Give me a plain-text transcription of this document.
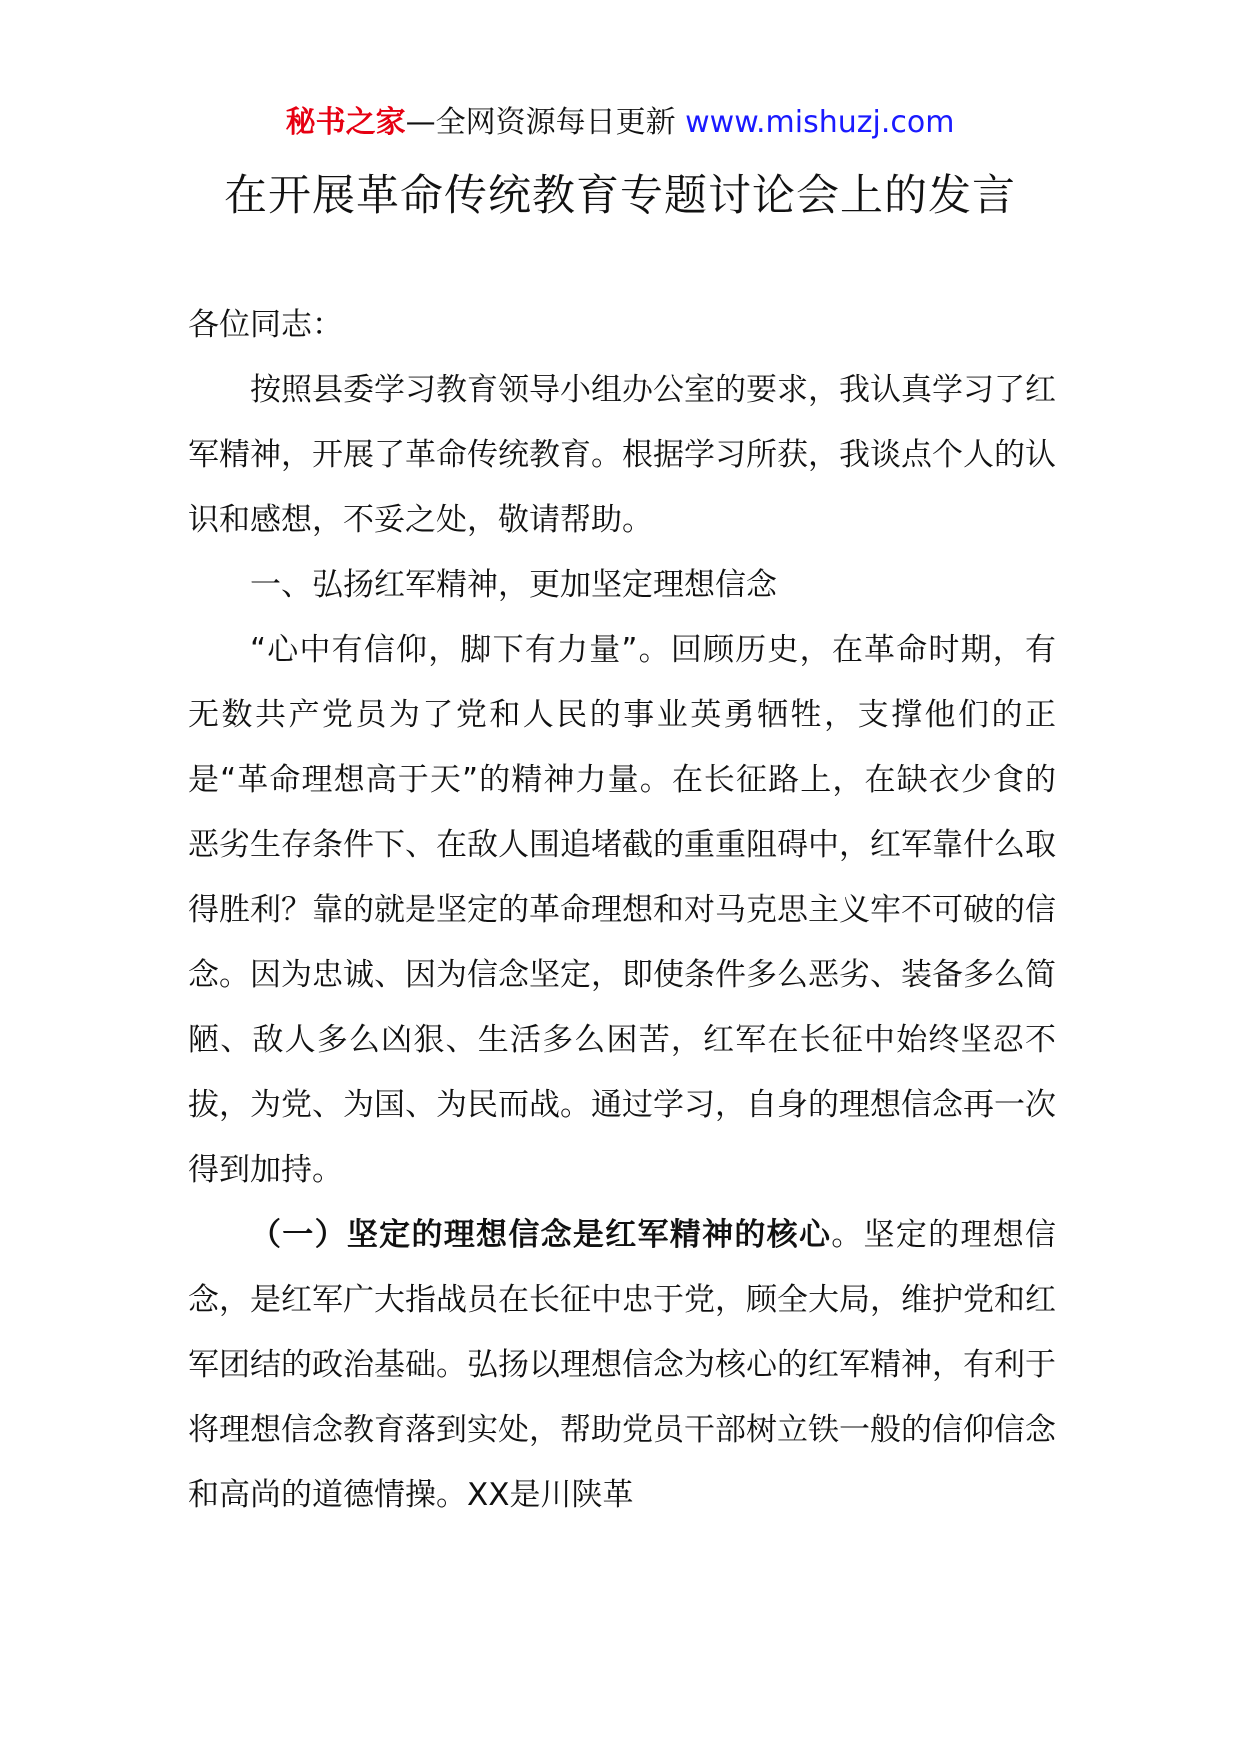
秘书之家—全网资源每日更新 www.mishuzj.com
在开展革命传统教育专题讨论会上的发言

各位同志：

按照县委学习教育领导小组办公室的要求，我认真学习了红军精神，开展了革命传统教育。根据学习所获，我谈点个人的认识和感想，不妥之处，敬请帮助。

一、弘扬红军精神，更加坚定理想信念

“心中有信仰，脚下有力量”。回顾历史，在革命时期，有无数共产党员为了党和人民的事业英勇牺牲，支撑他们的正是“革命理想高于天”的精神力量。在长征路上，在缺衣少食的恶劣生存条件下、在敌人围追堵截的重重阻碍中，红军靠什么取得胜利？靠的就是坚定的革命理想和对马克思主义牢不可破的信念。因为忠诚、因为信念坚定，即使条件多么恶劣、装备多么简陋、敌人多么凶狠、生活多么困苦，红军在长征中始终坚忍不拔，为党、为国、为民而战。通过学习，自身的理想信念再一次得到加持。

（一）坚定的理想信念是红军精神的核心。坚定的理想信念，是红军广大指战员在长征中忠于党，顾全大局，维护党和红军团结的政治基础。弘扬以理想信念为核心的红军精神，有利于将理想信念教育落到实处，帮助党员干部树立铁一般的信仰信念和高尚的道德情操。XX是川陕革
